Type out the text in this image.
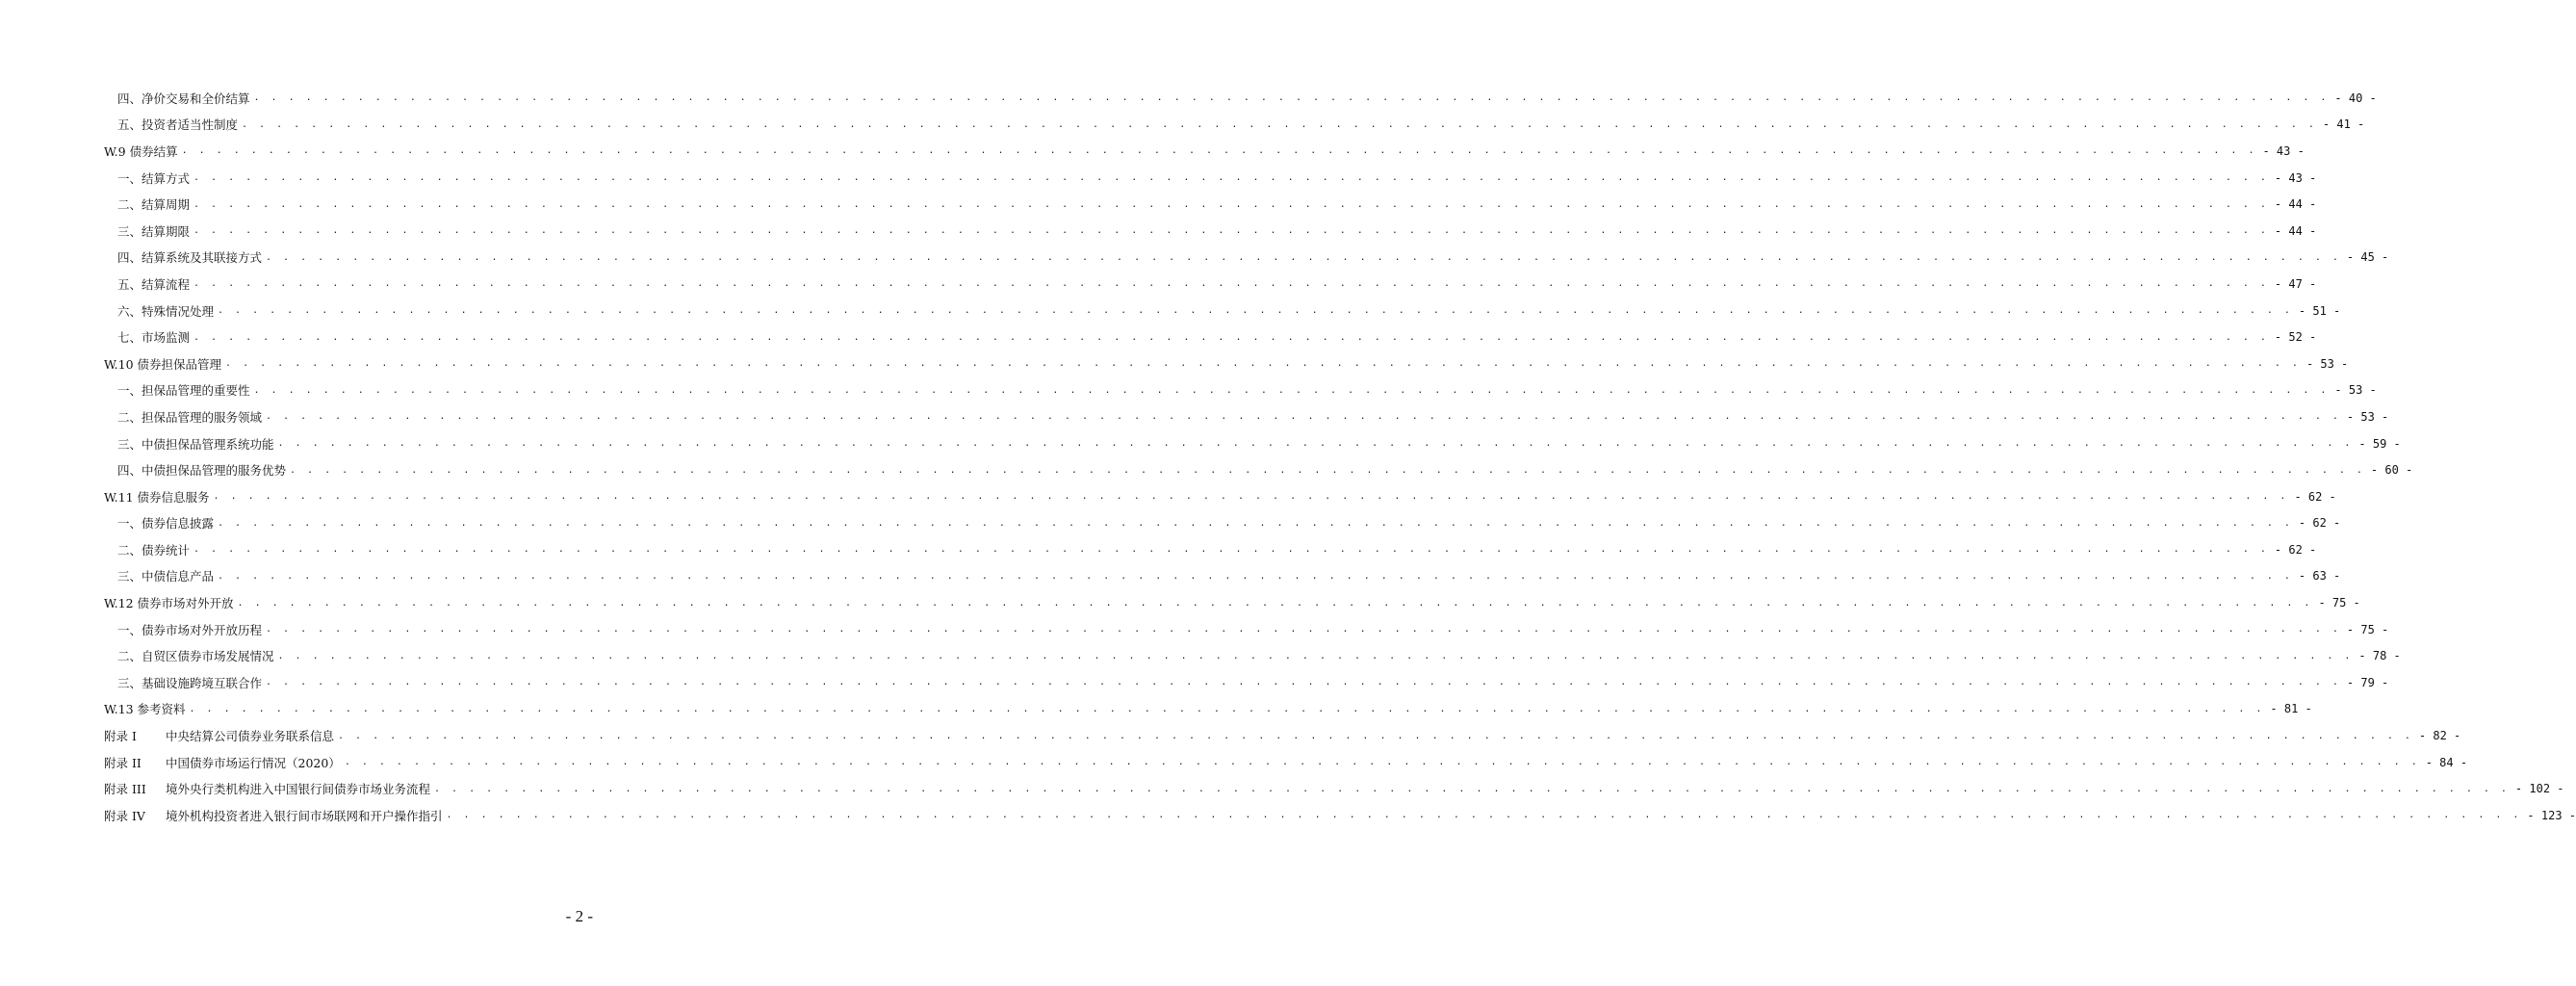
四、净价交易和全价结算 . . . . . . . . . . . . . . . . . . . . . . . . . . . . . . . . . . . . . . . . . . . . . . . . . . . . . . . . . . . . . . . . . . . . . . . . . . . . . . . . . . . . . . . . . . . . . . . . . . . . . . . . . . . . . . . . . . . . . . . . - 40 -
五、投资者适当性制度 . . . . . . . . . . . . . . . . . . . . . . . . . . . . . . . . . . . . . . . . . . . . . . . . . . . . . . . . . . . . . . . . . . . . . . . . . . . . . . . . . . . . . . . . . . . . . . . . . . . . . . . . . . . . . . . . . . . . . . . . - 41 -
W.9 债券结算 . . . . . . . . . . . . . . . . . . . . . . . . . . . . . . . . . . . . . . . . . . . . . . . . . . . . . . . . . . . . . . . . . . . . . . . . . . . . . . . . . . . . . . . . . . . . . . . . . . . . . . . . . . . . . . . . . . . . . . . . - 43 -
一、结算方式 . . . . . . . . . . . . . . . . . . . . . . . . . . . . . . . . . . . . . . . . . . . . . . . . . . . . . . . . . . . . . . . . . . . . . . . . . . . . . . . . . . . . . . . . . . . . . . . . . . . . . . . . . . . . . . . . . . . . . . . . - 43 -
二、结算周期 . . . . . . . . . . . . . . . . . . . . . . . . . . . . . . . . . . . . . . . . . . . . . . . . . . . . . . . . . . . . . . . . . . . . . . . . . . . . . . . . . . . . . . . . . . . . . . . . . . . . . . . . . . . . . . . . . . . . . . . . - 44 -
三、结算期限 . . . . . . . . . . . . . . . . . . . . . . . . . . . . . . . . . . . . . . . . . . . . . . . . . . . . . . . . . . . . . . . . . . . . . . . . . . . . . . . . . . . . . . . . . . . . . . . . . . . . . . . . . . . . . . . . . . . . . . . . - 44 -
四、结算系统及其联接方式 . . . . . . . . . . . . . . . . . . . . . . . . . . . . . . . . . . . . . . . . . . . . . . . . . . . . . . . . . . . . . . . . . . . . . . . . . . . . . . . . . . . . . . . . . . . . . . . . . . . . . . . . . . . . . . . . . . . . . . . . - 45 -
五、结算流程 . . . . . . . . . . . . . . . . . . . . . . . . . . . . . . . . . . . . . . . . . . . . . . . . . . . . . . . . . . . . . . . . . . . . . . . . . . . . . . . . . . . . . . . . . . . . . . . . . . . . . . . . . . . . . . . . . . . . . . . . - 47 -
六、特殊情况处理 . . . . . . . . . . . . . . . . . . . . . . . . . . . . . . . . . . . . . . . . . . . . . . . . . . . . . . . . . . . . . . . . . . . . . . . . . . . . . . . . . . . . . . . . . . . . . . . . . . . . . . . . . . . . . . . . . . . . . . . . - 51 -
七、市场监测 . . . . . . . . . . . . . . . . . . . . . . . . . . . . . . . . . . . . . . . . . . . . . . . . . . . . . . . . . . . . . . . . . . . . . . . . . . . . . . . . . . . . . . . . . . . . . . . . . . . . . . . . . . . . . . . . . . . . . . . . - 52 -
W.10 债券担保品管理 . . . . . . . . . . . . . . . . . . . . . . . . . . . . . . . . . . . . . . . . . . . . . . . . . . . . . . . . . . . . . . . . . . . . . . . . . . . . . . . . . . . . . . . . . . . . . . . . . . . . . . . . . . . . . . . . . . . . . . . . - 53 -
一、担保品管理的重要性 . . . . . . . . . . . . . . . . . . . . . . . . . . . . . . . . . . . . . . . . . . . . . . . . . . . . . . . . . . . . . . . . . . . . . . . . . . . . . . . . . . . . . . . . . . . . . . . . . . . . . . . . . . . . . . . . . . . . . . . . - 53 -
二、担保品管理的服务领域 . . . . . . . . . . . . . . . . . . . . . . . . . . . . . . . . . . . . . . . . . . . . . . . . . . . . . . . . . . . . . . . . . . . . . . . . . . . . . . . . . . . . . . . . . . . . . . . . . . . . . . . . . . . . . . . . . . . . . . . . - 53 -
三、中债担保品管理系统功能 . . . . . . . . . . . . . . . . . . . . . . . . . . . . . . . . . . . . . . . . . . . . . . . . . . . . . . . . . . . . . . . . . . . . . . . . . . . . . . . . . . . . . . . . . . . . . . . . . . . . . . . . . . . . . . . . . . . . . . . . - 59 -
四、中债担保品管理的服务优势 . . . . . . . . . . . . . . . . . . . . . . . . . . . . . . . . . . . . . . . . . . . . . . . . . . . . . . . . . . . . . . . . . . . . . . . . . . . . . . . . . . . . . . . . . . . . . . . . . . . . . . . . . . . . . . . . . . . . . . . . - 60 -
W.11 债券信息服务 . . . . . . . . . . . . . . . . . . . . . . . . . . . . . . . . . . . . . . . . . . . . . . . . . . . . . . . . . . . . . . . . . . . . . . . . . . . . . . . . . . . . . . . . . . . . . . . . . . . . . . . . . . . . . . . . . . . . . . . . - 62 -
一、债券信息披露 . . . . . . . . . . . . . . . . . . . . . . . . . . . . . . . . . . . . . . . . . . . . . . . . . . . . . . . . . . . . . . . . . . . . . . . . . . . . . . . . . . . . . . . . . . . . . . . . . . . . . . . . . . . . . . . . . . . . . . . . - 62 -
二、债券统计 . . . . . . . . . . . . . . . . . . . . . . . . . . . . . . . . . . . . . . . . . . . . . . . . . . . . . . . . . . . . . . . . . . . . . . . . . . . . . . . . . . . . . . . . . . . . . . . . . . . . . . . . . . . . . . . . . . . . . . . . - 62 -
三、中债信息产品 . . . . . . . . . . . . . . . . . . . . . . . . . . . . . . . . . . . . . . . . . . . . . . . . . . . . . . . . . . . . . . . . . . . . . . . . . . . . . . . . . . . . . . . . . . . . . . . . . . . . . . . . . . . . . . . . . . . . . . . . - 63 -
W.12 债券市场对外开放 . . . . . . . . . . . . . . . . . . . . . . . . . . . . . . . . . . . . . . . . . . . . . . . . . . . . . . . . . . . . . . . . . . . . . . . . . . . . . . . . . . . . . . . . . . . . . . . . . . . . . . . . . . . . . . . . . . . . . . . . - 75 -
一、债券市场对外开放历程 . . . . . . . . . . . . . . . . . . . . . . . . . . . . . . . . . . . . . . . . . . . . . . . . . . . . . . . . . . . . . . . . . . . . . . . . . . . . . . . . . . . . . . . . . . . . . . . . . . . . . . . . . . . . . . . . . . . . . . . . - 75 -
二、自贸区债券市场发展情况 . . . . . . . . . . . . . . . . . . . . . . . . . . . . . . . . . . . . . . . . . . . . . . . . . . . . . . . . . . . . . . . . . . . . . . . . . . . . . . . . . . . . . . . . . . . . . . . . . . . . . . . . . . . . . . . . . . . . . . . . - 78 -
三、基础设施跨境互联合作 . . . . . . . . . . . . . . . . . . . . . . . . . . . . . . . . . . . . . . . . . . . . . . . . . . . . . . . . . . . . . . . . . . . . . . . . . . . . . . . . . . . . . . . . . . . . . . . . . . . . . . . . . . . . . . . . . . . . . . . . - 79 -
W.13 参考资料 . . . . . . . . . . . . . . . . . . . . . . . . . . . . . . . . . . . . . . . . . . . . . . . . . . . . . . . . . . . . . . . . . . . . . . . . . . . . . . . . . . . . . . . . . . . . . . . . . . . . . . . . . . . . . . . . . . . . . . . . - 81 -
附录 I 中央结算公司债券业务联系信息 . . . . . . . . . . . . . . . . . . . . . . . . . . . . . . . . . . . . . . . . . . . . . . . . . . . . . . . . . . . . . . . . . . . . . . . . . . . . . . . . . . . . . . . . . . . . . . . . . . . . . . . . . . . . . . . . . . . . . . . . - 82 -
附录 II 中国债券市场运行情况（2020） . . . . . . . . . . . . . . . . . . . . . . . . . . . . . . . . . . . . . . . . . . . . . . . . . . . . . . . . . . . . . . . . . . . . . . . . . . . . . . . . . . . . . . . . . . . . . . . . . . . . . . . . . . . . . . . . . . . . . . . . - 84 -
附录 III 境外央行类机构进入中国银行间债券市场业务流程 . . . . . . . . . . . . . . . . . . . . . . . . . . . . . . . . . . . . . . . . . . . . . . . . . . . . . . . . . . . . . . . . . . . . . . . . . . . . . . . . . . . . . . . . . . . . . . . . . . . . . . . . . . . . . . . . . . . . . . . . - 102 -
附录 IV 境外机构投资者进入银行间市场联网和开户操作指引 . . . . . . . . . . . . . . . . . . . . . . . . . . . . . . . . . . . . . . . . . . . . . . . . . . . . . . . . . . . . . . . . . . . . . . . . . . . . . . . . . . . . . . . . . . . . . . . . . . . . . . . . . . . . . . . . . . . . . . . . - 123 -
- 2 -
